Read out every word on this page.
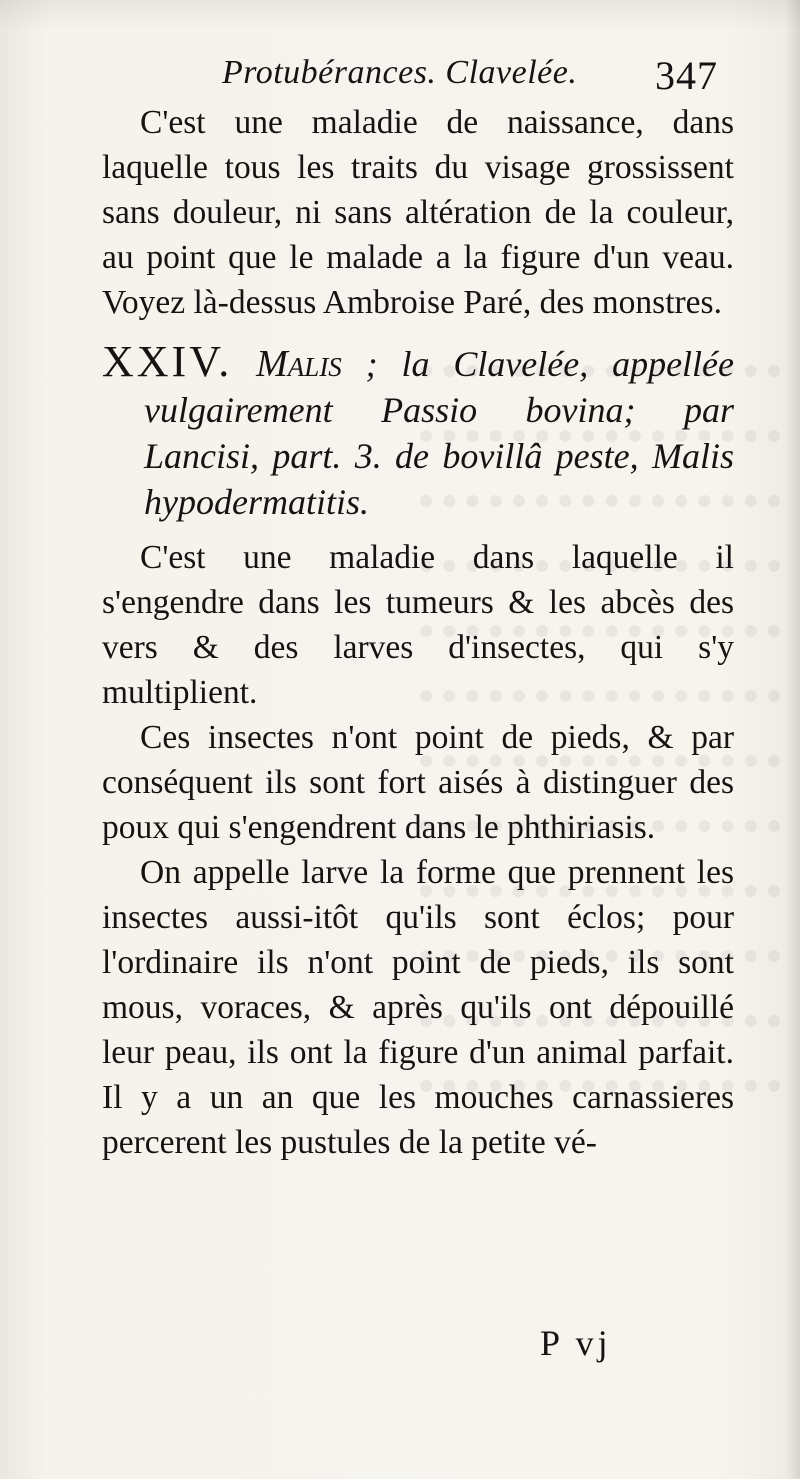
Protubérances. Clavelée. 347

C'est une maladie de naissance, dans laquelle tous les traits du visage grossissent sans douleur, ni sans altération de la couleur, au point que le malade a la figure d'un veau. Voyez là-dessus Ambroise Paré, des monstres.

XXIV. Malis ; la Clavelée, appellée vulgairement Passio bovina; par Lancisi, part. 3. de bovillâ peste, Malis hypodermatitis.

C'est une maladie dans laquelle il s'engendre dans les tumeurs & les abcès des vers & des larves d'insectes, qui s'y multiplient.

Ces insectes n'ont point de pieds, & par conséquent ils sont fort aisés à distinguer des poux qui s'engendrent dans le phthiriasis.

On appelle larve la forme que prennent les insectes aussi-itôt qu'ils sont éclos; pour l'ordinaire ils n'ont point de pieds, ils sont mous, voraces, & après qu'ils ont dépouillé leur peau, ils ont la figure d'un animal parfait. Il y a un an que les mouches carnassieres percerent les pustules de la petite vé-

P vj
